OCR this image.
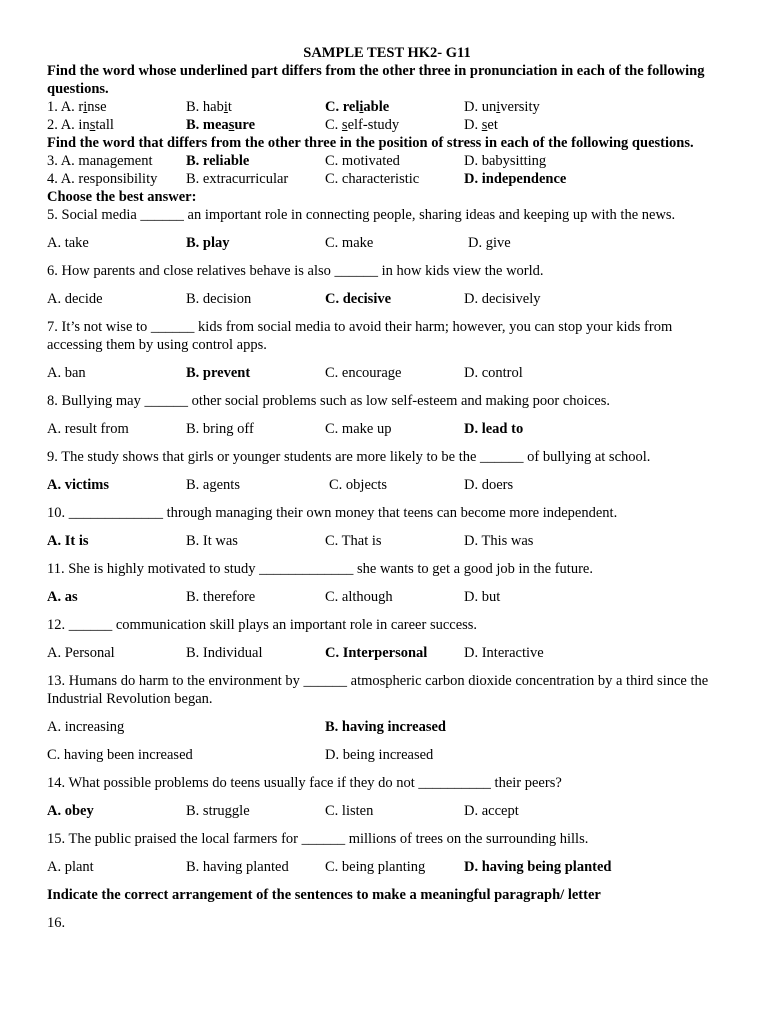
SAMPLE TEST HK2- G11
Find the word whose underlined part differs from the other three in pronunciation in each of the following questions.
1. A. rinse	B. habit	C. reliable	D. university
2. A. install	B. measure	C. self-study	D. set
Find the word that differs from the other three in the position of stress in each of the following questions.
3. A. management B. reliable	C. motivated	D. babysitting
4. A. responsibility B. extracurricular	C. characteristic	D. independence
Choose the best answer:
5. Social media ______ an important role in connecting people, sharing ideas and keeping up with the news.
A. take	B. play	C. make	D. give
6. How parents and close relatives behave is also ______ in how kids view the world.
A. decide	B. decision	C. decisive	D. decisively
7. It’s not wise to ______ kids from social media to avoid their harm; however, you can stop your kids from accessing them by using control apps.
A. ban	B. prevent	C. encourage	D. control
8. Bullying may ______ other social problems such as low self-esteem and making poor choices.
A. result from	B. bring off	C. make up	D. lead to
9. The study shows that girls or younger students are more likely to be the ______ of bullying at school.
A. victims	B. agents	C. objects	D. doers
10. _____________ through managing their own money that teens can become more independent.
A. It is	B. It was	C. That is	D. This was
11. She is highly motivated to study _____________ she wants to get a good job in the future.
A. as	B. therefore	C. although	D. but
12. ______ communication skill plays an important role in career success.
A. Personal	B. Individual	C. Interpersonal	D. Interactive
13. Humans do harm to the environment by ______ atmospheric carbon dioxide concentration by a third since the Industrial Revolution began.
A. increasing	B. having increased
C. having been increased	D. being increased
14. What possible problems do teens usually face if they do not __________ their peers?
A. obey	B. struggle	C. listen	D. accept
15. The public praised the local farmers for ______ millions of trees on the surrounding hills.
A. plant	B. having planted	C. being planting	D. having being planted
Indicate the correct arrangement of the sentences to make a meaningful paragraph/ letter
16.
